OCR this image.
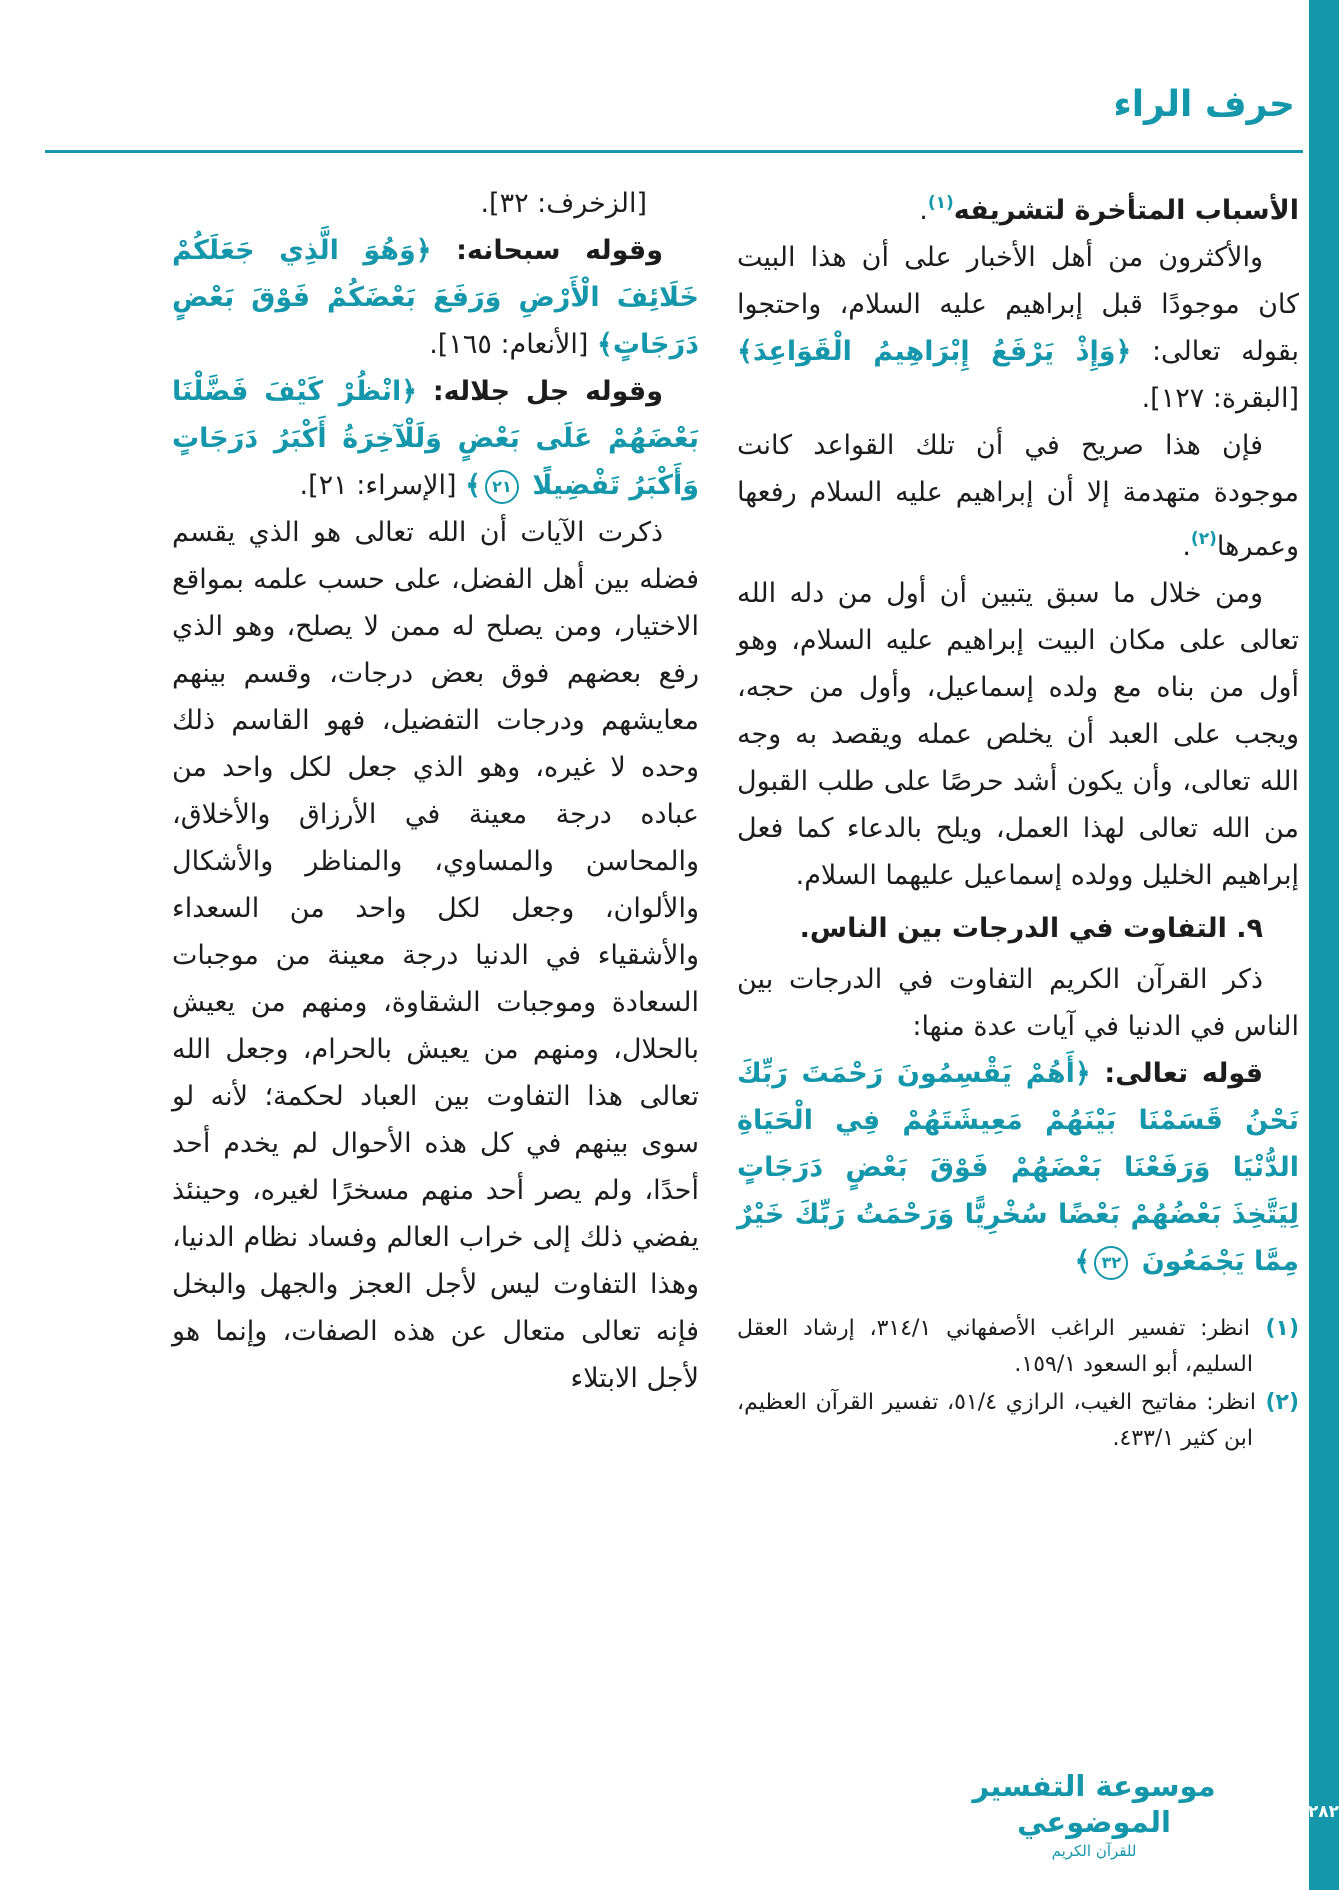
٢٨٢
حرف الراء

الأسباب المتأخرة لتشريفه$^{(١)}$.

والأكثرون من أهل الأخبار على أن هذا البيت كان موجودًا قبل إبراهيم عليه السلام، واحتجوا بقوله تعالى: ﴿وَإِذْ يَرْفَعُ إِبْرَاهِيمُ الْقَوَاعِدَ﴾ [البقرة: ١٢٧].

فإن هذا صريح في أن تلك القواعد كانت موجودة متهدمة إلا أن إبراهيم عليه السلام رفعها وعمرها$^{(٢)}$.

ومن خلال ما سبق يتبين أن أول من دله الله تعالى على مكان البيت إبراهيم عليه السلام، وهو أول من بناه مع ولده إسماعيل، وأول من حجه، ويجب على العبد أن يخلص عمله ويقصد به وجه الله تعالى، وأن يكون أشد حرصًا على طلب القبول من الله تعالى لهذا العمل، ويلح بالدعاء كما فعل إبراهيم الخليل وولده إسماعيل عليهما السلام.

٩. التفاوت في الدرجات بين الناس.

ذكر القرآن الكريم التفاوت في الدرجات بين الناس في الدنيا في آيات عدة منها:

قوله تعالى: ﴿أَهُمْ يَقْسِمُونَ رَحْمَتَ رَبِّكَ نَحْنُ قَسَمْنَا بَيْنَهُمْ مَعِيشَتَهُمْ فِي الْحَيَاةِ الدُّنْيَا وَرَفَعْنَا بَعْضَهُمْ فَوْقَ بَعْضٍ دَرَجَاتٍ لِيَتَّخِذَ بَعْضُهُمْ بَعْضًا سُخْرِيًّا وَرَحْمَتُ رَبِّكَ خَيْرٌ مِمَّا يَجْمَعُونَ ٣٢﴾

(١) انظر: تفسير الراغب الأصفهاني ٣١٤/١، إرشاد العقل السليم، أبو السعود ١٥٩/١.
(٢) انظر: مفاتيح الغيب، الرازي ٥١/٤، تفسير القرآن العظيم، ابن كثير ٤٣٣/١.

[الزخرف: ٣٢].

وقوله سبحانه: ﴿وَهُوَ الَّذِي جَعَلَكُمْ خَلَائِفَ الْأَرْضِ وَرَفَعَ بَعْضَكُمْ فَوْقَ بَعْضٍ دَرَجَاتٍ﴾ [الأنعام: ١٦٥].

وقوله جل جلاله: ﴿انْظُرْ كَيْفَ فَضَّلْنَا بَعْضَهُمْ عَلَى بَعْضٍ وَلَلْآخِرَةُ أَكْبَرُ دَرَجَاتٍ وَأَكْبَرُ تَفْضِيلًا ٢١﴾ [الإسراء: ٢١].

ذكرت الآيات أن الله تعالى هو الذي يقسم فضله بين أهل الفضل، على حسب علمه بمواقع الاختيار، ومن يصلح له ممن لا يصلح، وهو الذي رفع بعضهم فوق بعض درجات، وقسم بينهم معايشهم ودرجات التفضيل، فهو القاسم ذلك وحده لا غيره، وهو الذي جعل لكل واحد من عباده درجة معينة في الأرزاق والأخلاق، والمحاسن والمساوي، والمناظر والأشكال والألوان، وجعل لكل واحد من السعداء والأشقياء في الدنيا درجة معينة من موجبات السعادة وموجبات الشقاوة، ومنهم من يعيش بالحلال، ومنهم من يعيش بالحرام، وجعل الله تعالى هذا التفاوت بين العباد لحكمة؛ لأنه لو سوى بينهم في كل هذه الأحوال لم يخدم أحد أحدًا، ولم يصر أحد منهم مسخرًا لغيره، وحينئذ يفضي ذلك إلى خراب العالم وفساد نظام الدنيا، وهذا التفاوت ليس لأجل العجز والجهل والبخل فإنه تعالى متعال عن هذه الصفات، وإنما هو لأجل الابتلاء

موسوعة التفسير الموضوعي
للقرآن الكريم
